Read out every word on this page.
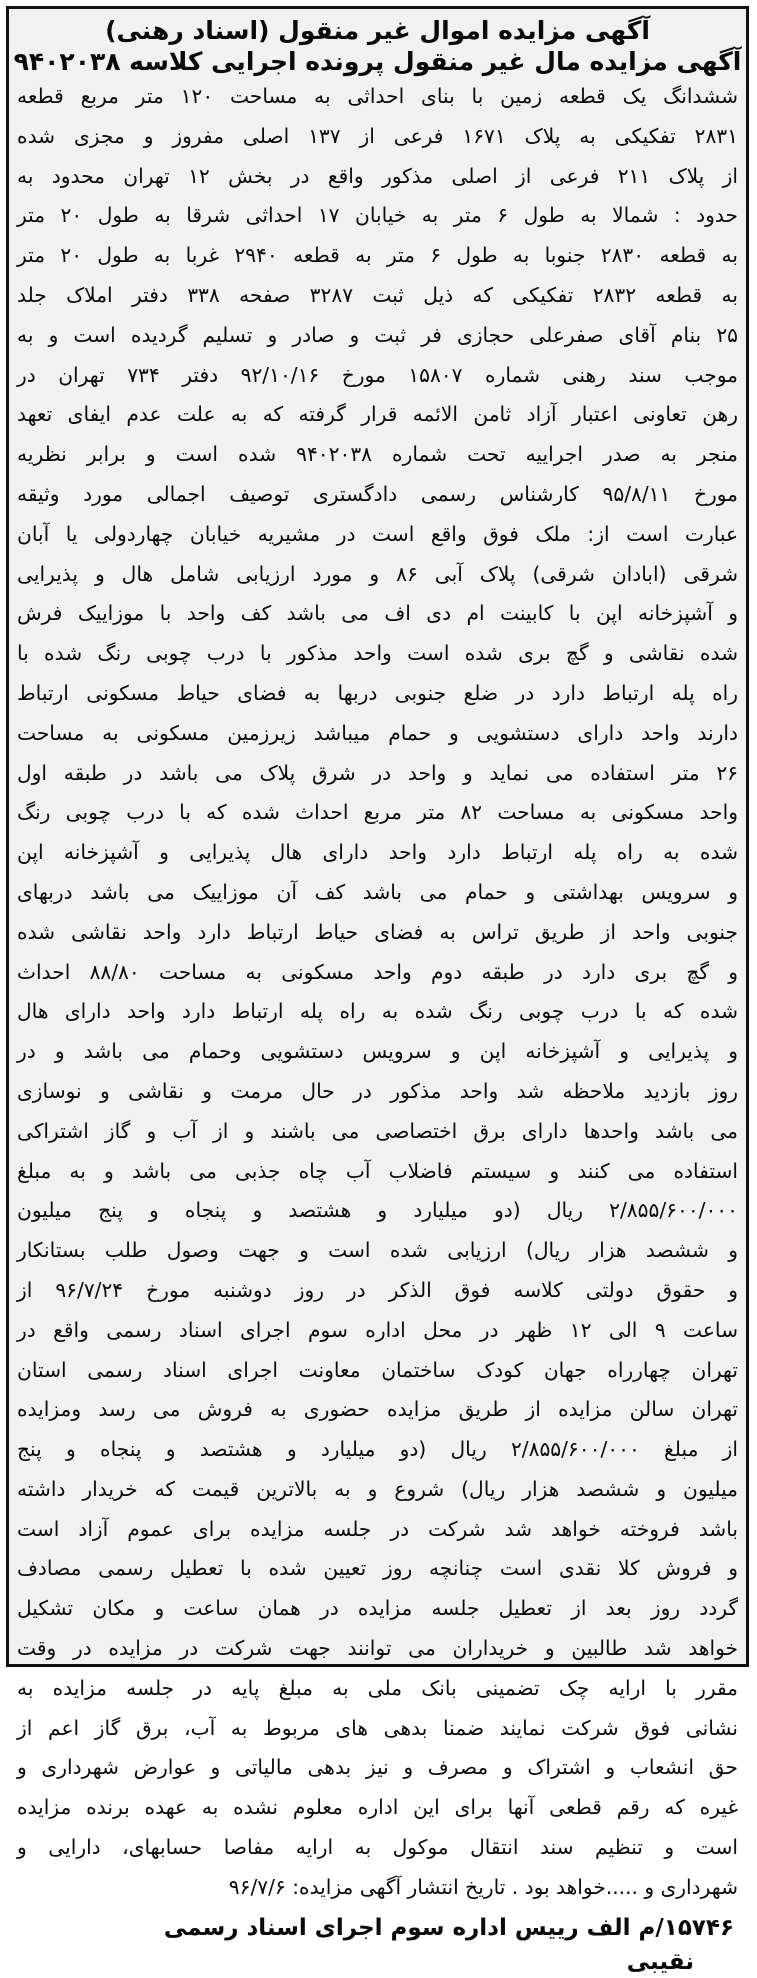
آگهی مزایده اموال غیر منقول (اسناد رهنی)
آگهی مزایده مال غیر منقول پرونده اجرایی کلاسه ۹۴۰۲۰۳۸
ششدانگ یک قطعه زمین با بنای احداثی به مساحت ۱۲۰ متر مربع قطعه
۲۸۳۱ تفکیکی به پلاک ۱۶۷۱ فرعی از ۱۳۷ اصلی مفروز و مجزی شده
از پلاک ۲۱۱ فرعی از اصلی مذکور واقع در بخش ۱۲ تهران محدود به
حدود : شمالا به طول ۶ متر به خیابان ۱۷ احداثی شرقا به طول ۲۰ متر
به قطعه ۲۸۳۰ جنوبا به طول ۶ متر به قطعه ۲۹۴۰ غربا به طول ۲۰ متر
به قطعه ۲۸۳۲ تفکیکی که ذیل ثبت ۳۲۸۷ صفحه ۳۳۸ دفتر املاک جلد
۲۵ بنام آقای صفرعلی حجازی فر ثبت و صادر و تسلیم گردیده است و به
موجب سند رهنی شماره ۱۵۸۰۷ مورخ ۹۲/۱۰/۱۶ دفتر ۷۳۴ تهران در
رهن تعاونی اعتبار آزاد ثامن الائمه قرار گرفته که به علت عدم ایفای تعهد
منجر به صدر اجراییه تحت شماره ۹۴۰۲۰۳۸ شده است و برابر نظریه
مورخ ۹۵/۸/۱۱ کارشناس رسمی دادگستری توصیف اجمالی مورد وثیقه
عبارت است از: ملک فوق واقع است در مشیریه خیابان چهاردولی یا آبان
شرقی (ابادان شرقی) پلاک آبی ۸۶ و مورد ارزیابی شامل هال و پذیرایی
و آشپزخانه اپن با کابینت ام دی اف می باشد کف واحد با موزاییک فرش
شده نقاشی و گچ بری شده است واحد مذکور با درب چوبی رنگ شده با
راه پله ارتباط دارد در ضلع جنوبی دربها به فضای حیاط مسکونی ارتباط
دارند واحد دارای دستشویی و حمام میباشد زیرزمین مسکونی به مساحت
۲۶ متر استفاده می نماید و واحد در شرق پلاک می باشد در طبقه اول
واحد مسکونی به مساحت ۸۲ متر مربع احداث شده که با درب چوبی رنگ
شده به راه پله ارتباط دارد واحد دارای هال پذیرایی و آشپزخانه اپن
و سرویس بهداشتی و حمام می باشد کف آن موزاییک می باشد دربهای
جنوبی واحد از طریق تراس به فضای حیاط ارتباط دارد واحد نقاشی شده
و گچ بری دارد در طبقه دوم واحد مسکونی به مساحت ۸۸/۸۰ احداث
شده که با درب چوبی رنگ شده به راه پله ارتباط دارد واحد دارای هال
و پذیرایی و آشپزخانه اپن و سرویس دستشویی وحمام می باشد و در
روز بازدید ملاحظه شد واحد مذکور در حال مرمت و نقاشی و نوسازی
می باشد واحدها دارای برق اختصاصی می باشند و از آب و گاز اشتراکی
استفاده می کنند و سیستم فاضلاب آب چاه جذبی می باشد و به مبلغ
۲/۸۵۵/۶۰۰/۰۰۰ ریال (دو میلیارد و هشتصد و پنجاه و پنج میلیون
و ششصد هزار ریال) ارزیابی شده است و جهت وصول طلب بستانکار
و حقوق دولتی کلاسه فوق الذکر در روز دوشنبه مورخ ۹۶/۷/۲۴ از
ساعت ۹ الی ۱۲ ظهر در محل اداره سوم اجرای اسناد رسمی واقع در
تهران چهارراه جهان کودک ساختمان معاونت اجرای اسناد رسمی استان
تهران سالن مزایده از طریق مزایده حضوری به فروش می رسد ومزایده
از مبلغ ۲/۸۵۵/۶۰۰/۰۰۰ ریال (دو میلیارد و هشتصد و پنجاه و پنج
میلیون و ششصد هزار ریال) شروع و به بالاترین قیمت که خریدار داشته
باشد فروخته خواهد شد شرکت در جلسه مزایده برای عموم آزاد است
و فروش کلا نقدی است چنانچه روز تعیین شده با تعطیل رسمی مصادف
گردد روز بعد از تعطیل جلسه مزایده در همان ساعت و مکان تشکیل
خواهد شد طالبین و خریداران می توانند جهت شرکت در مزایده در وقت
مقرر با ارایه چک تضمینی بانک ملی به مبلغ پایه در جلسه مزایده به
نشانی فوق شرکت نمایند ضمنا بدهی های مربوط به آب، برق گاز اعم از
حق انشعاب و اشتراک و مصرف و نیز بدهی مالیاتی و عوارض شهرداری و
غیره که رقم قطعی آنها برای این اداره معلوم نشده به عهده برنده مزایده
است و تنظیم سند انتقال موکول به ارایه مفاصا حسابهای، دارایی و
شهرداری و .....خواهد بود . تاریخ انتشار آگهی مزایده: ۹۶/۷/۶
۱۵۷۴۶/م الف رییس اداره سوم اجرای اسناد رسمی
نقیبی
